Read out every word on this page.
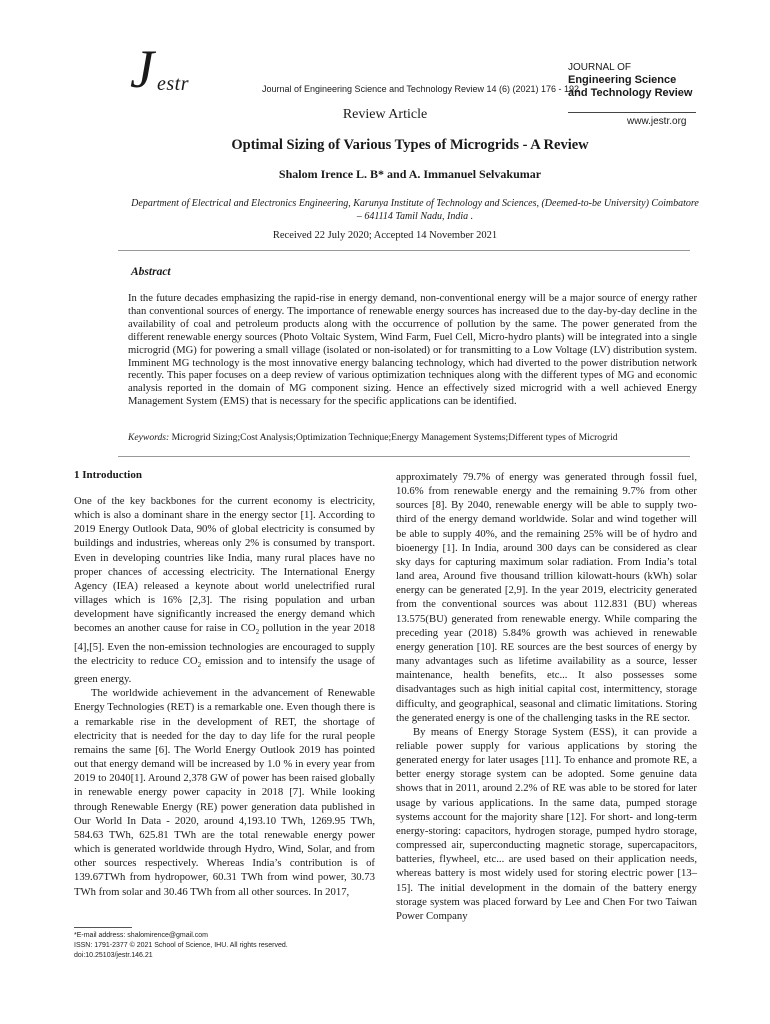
J estr	Journal of Engineering Science and Technology Review 14 (6) (2021) 176 - 192
JOURNAL OF
Engineering Science
and Technology Review
www.jestr.org
Review Article
Optimal Sizing of Various Types of Microgrids - A Review
Shalom Irence L. B* and A. Immanuel Selvakumar
Department of Electrical and Electronics Engineering, Karunya Institute of Technology and Sciences, (Deemed-to-be University) Coimbatore – 641114 Tamil Nadu, India .
Received 22 July 2020; Accepted 14 November 2021
Abstract
In the future decades emphasizing the rapid-rise in energy demand, non-conventional energy will be a major source of energy rather than conventional sources of energy. The importance of renewable energy sources has increased due to the day-by-day decline in the availability of coal and petroleum products along with the occurrence of pollution by the same. The power generated from the different renewable energy sources (Photo Voltaic System, Wind Farm, Fuel Cell, Micro-hydro plants) will be integrated into a single microgrid (MG) for powering a small village (isolated or non-isolated) or for transmitting to a Low Voltage (LV) distribution system. Imminent MG technology is the most innovative energy balancing technology, which had diverted to the power distribution network recently. This paper focuses on a deep review of various optimization techniques along with the different types of MG and economic analysis reported in the domain of MG component sizing. Hence an effectively sized microgrid with a well achieved Energy Management System (EMS) that is necessary for the specific applications can be identified.
Keywords: Microgrid Sizing;Cost Analysis;Optimization Technique;Energy Management Systems;Different types of Microgrid
1 Introduction

One of the key backbones for the current economy is electricity, which is also a dominant share in the energy sector [1]. According to 2019 Energy Outlook Data, 90% of global electricity is consumed by buildings and industries, whereas only 2% is consumed by transport. Even in developing countries like India, many rural places have no proper chances of accessing electricity. The International Energy Agency (IEA) released a keynote about world unelectrified rural villages which is 16% [2,3]. The rising population and urban development have significantly increased the energy demand which becomes an another cause for raise in $CO_2$ pollution in the year 2018 [4],[5]. Even the non-emission technologies are encouraged to supply the electricity to reduce $CO_2$ emission and to intensify the usage of green energy.

The worldwide achievement in the advancement of Renewable Energy Technologies (RET) is a remarkable one. Even though there is a remarkable rise in the development of RET, the shortage of electricity that is needed for the day to day life for the rural people remains the same [6]. The World Energy Outlook 2019 has pointed out that energy demand will be increased by 1.0 % in every year from 2019 to 2040[1]. Around 2,378 GW of power has been raised globally in renewable energy power capacity in 2018 [7]. While looking through Renewable Energy (RE) power generation data published in Our World In Data - 2020, around 4,193.10 TWh, 1269.95 TWh, 584.63 TWh, 625.81 TWh are the total renewable energy power which is generated worldwide through Hydro, Wind, Solar, and from other sources respectively. Whereas India’s contribution is of 139.67TWh from hydropower, 60.31 TWh from wind power, 30.73 TWh from solar and 30.46 TWh from all other sources. In 2017,

approximately 79.7% of energy was generated through fossil fuel, 10.6% from renewable energy and the remaining 9.7% from other sources [8]. By 2040, renewable energy will be able to supply two-third of the energy demand worldwide. Solar and wind together will be able to supply 40%, and the remaining 25% will be of hydro and bioenergy [1]. In India, around 300 days can be considered as clear sky days for capturing maximum solar radiation. From India’s total land area, Around five thousand trillion kilowatt-hours (kWh) solar energy can be generated [2,9]. In the year 2019, electricity generated from the conventional sources was about 112.831 (BU) whereas 13.575(BU) generated from renewable energy. While comparing the preceding year (2018) 5.84% growth was achieved in renewable energy generation [10]. RE sources are the best sources of energy by many advantages such as lifetime availability as a source, lesser maintenance, health benefits, etc... It also possesses some disadvantages such as high initial capital cost, intermittency, storage difficulty, and geographical, seasonal and climatic limitations. Storing the generated energy is one of the challenging tasks in the RE sector.

By means of Energy Storage System (ESS), it can provide a reliable power supply for various applications by storing the generated energy for later usages [11]. To enhance and promote RE, a better energy storage system can be adopted. Some genuine data shows that in 2011, around 2.2% of RE was able to be stored for later usage by various applications. In the same data, pumped storage systems account for the majority share [12]. For short- and long-term energy-storing: capacitors, hydrogen storage, pumped hydro storage, compressed air, superconducting magnetic storage, supercapacitors, batteries, flywheel, etc... are used based on their application needs, whereas battery is most widely used for storing electric power [13–15]. The initial development in the domain of the battery energy storage system was placed forward by Lee and Chen For two Taiwan Power Company

*E-mail address: shalomirence@gmail.com
ISSN: 1791-2377 © 2021 School of Science, IHU. All rights reserved.
doi:10.25103/jestr.146.21
